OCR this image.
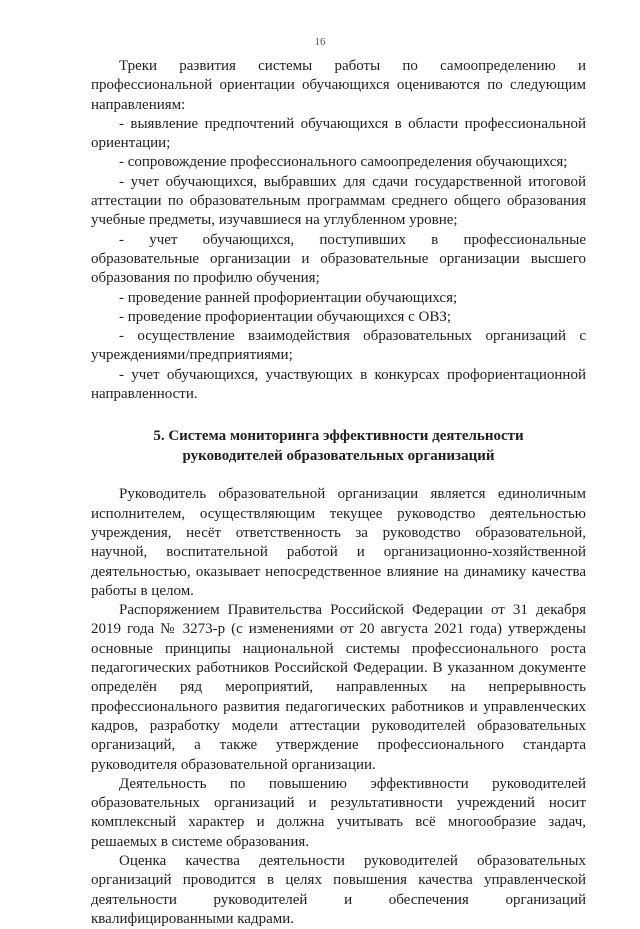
16

Треки развития системы работы по самоопределению и профессиональной ориентации обучающихся оцениваются по следующим направлениям:

- выявление предпочтений обучающихся в области профессиональной ориентации;

- сопровождение профессионального самоопределения обучающихся;

- учет обучающихся, выбравших для сдачи государственной итоговой аттестации по образовательным программам среднего общего образования учебные предметы, изучавшиеся на углубленном уровне;

- учет обучающихся, поступивших в профессиональные образовательные организации и образовательные организации высшего образования по профилю обучения;

- проведение ранней профориентации обучающихся;

- проведение профориентации обучающихся с ОВЗ;

- осуществление взаимодействия образовательных организаций с учреждениями/предприятиями;

- учет обучающихся, участвующих в конкурсах профориентационной направленности.

5. Система мониторинга эффективности деятельности
руководителей образовательных организаций

Руководитель образовательной организации является единоличным исполнителем, осуществляющим текущее руководство деятельностью учреждения, несёт ответственность за руководство образовательной, научной, воспитательной работой и организационно-хозяйственной деятельностью, оказывает непосредственное влияние на динамику качества работы в целом.

Распоряжением Правительства Российской Федерации от 31 декабря 2019 года № 3273-р (с изменениями от 20 августа 2021 года) утверждены основные принципы национальной системы профессионального роста педагогических работников Российской Федерации. В указанном документе определён ряд мероприятий, направленных на непрерывность профессионального развития педагогических работников и управленческих кадров, разработку модели аттестации руководителей образовательных организаций, а также утверждение профессионального стандарта руководителя образовательной организации.

Деятельность по повышению эффективности руководителей образовательных организаций и результативности учреждений носит комплексный характер и должна учитывать всё многообразие задач, решаемых в системе образования.

Оценка качества деятельности руководителей образовательных организаций проводится в целях повышения качества управленческой деятельности руководителей и обеспечения организаций квалифицированными кадрами.
